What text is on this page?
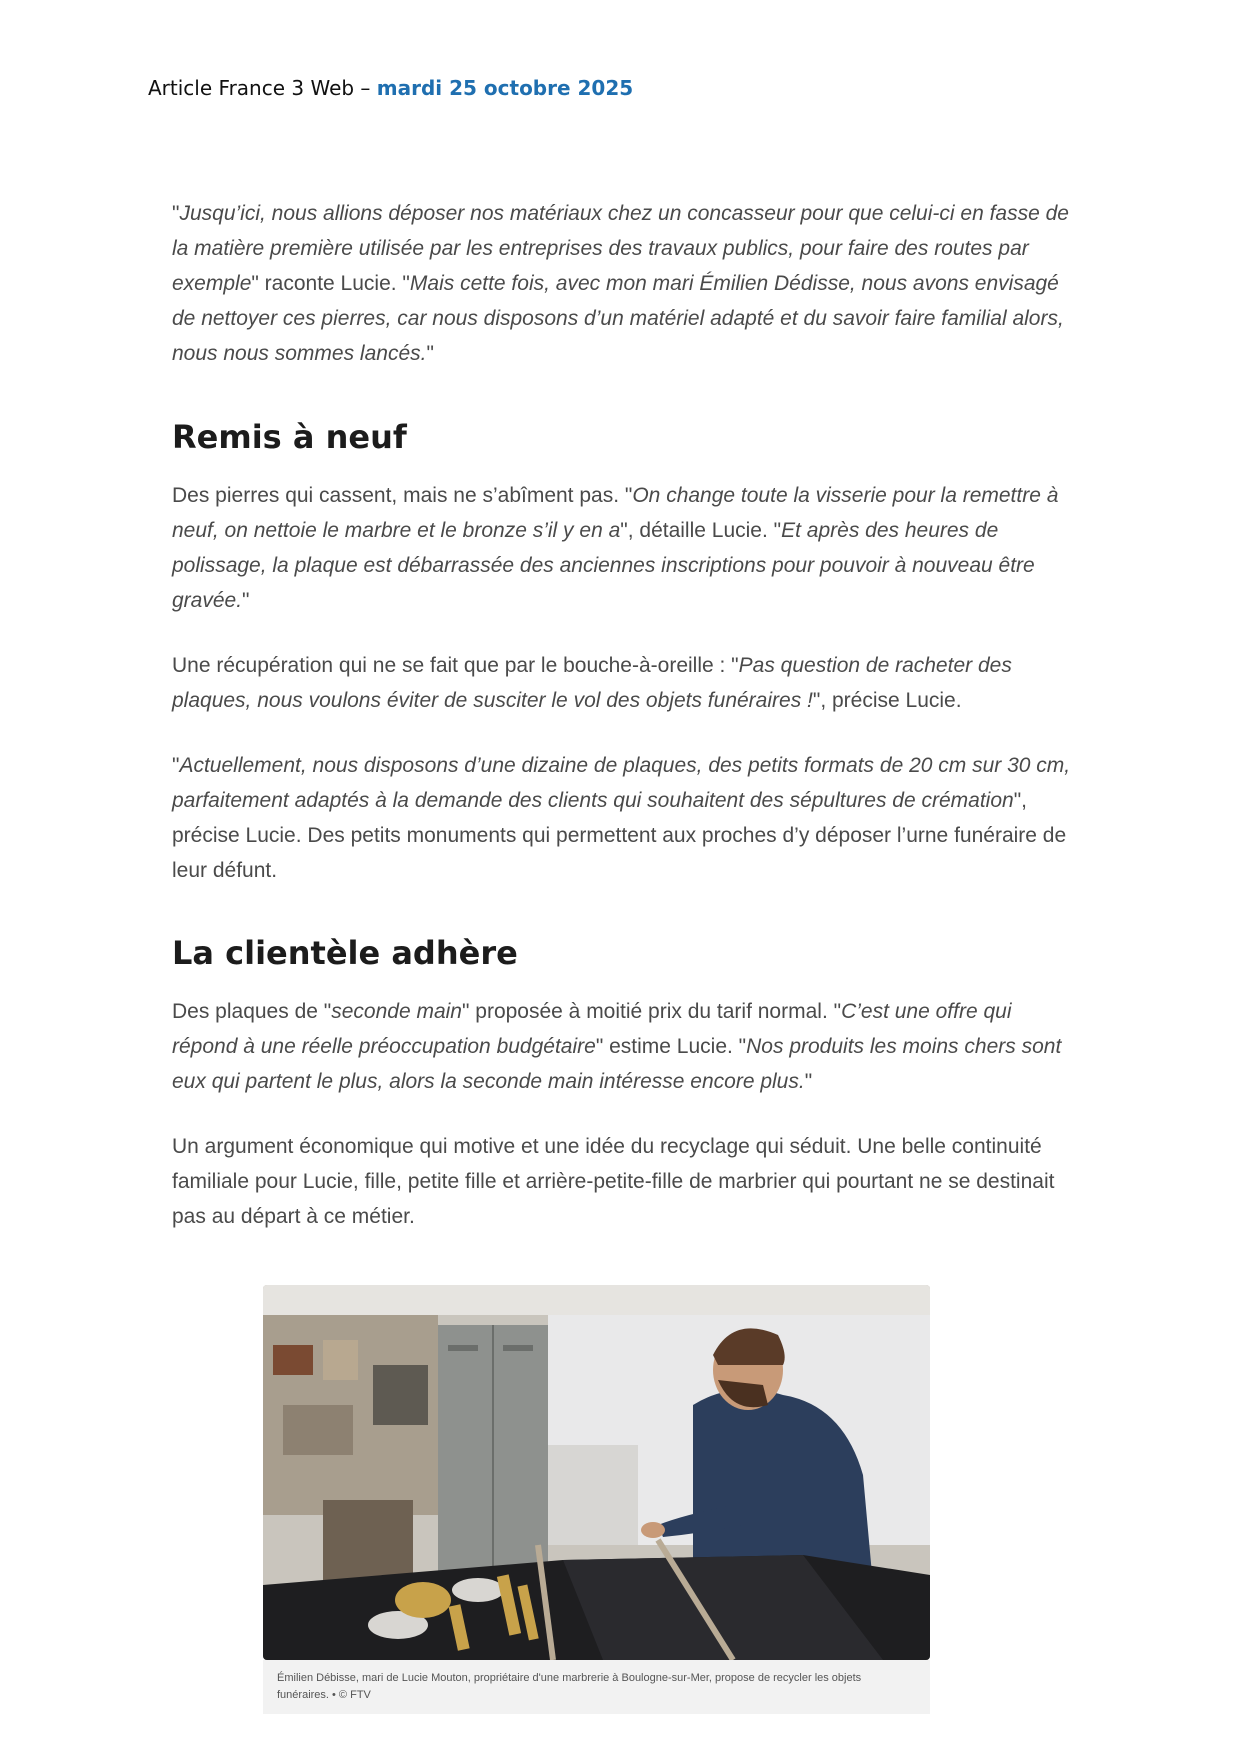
Article France 3 Web – mardi 25 octobre 2025

"Jusqu’ici, nous allions déposer nos matériaux chez un concasseur pour que celui-ci en fasse de la matière première utilisée par les entreprises des travaux publics, pour faire des routes par exemple" raconte Lucie. "Mais cette fois, avec mon mari Émilien Dédisse, nous avons envisagé de nettoyer ces pierres, car nous disposons d’un matériel adapté et du savoir faire familial alors, nous nous sommes lancés."

Remis à neuf

Des pierres qui cassent, mais ne s’abîment pas. "On change toute la visserie pour la remettre à neuf, on nettoie le marbre et le bronze s’il y en a", détaille Lucie. "Et après des heures de polissage, la plaque est débarrassée des anciennes inscriptions pour pouvoir à nouveau être gravée."

Une récupération qui ne se fait que par le bouche-à-oreille : "Pas question de racheter des plaques, nous voulons éviter de susciter le vol des objets funéraires !", précise Lucie.

"Actuellement, nous disposons d’une dizaine de plaques, des petits formats de 20 cm sur 30 cm, parfaitement adaptés à la demande des clients qui souhaitent des sépultures de crémation", précise Lucie. Des petits monuments qui permettent aux proches d’y déposer l’urne funéraire de leur défunt.

La clientèle adhère

Des plaques de "seconde main" proposée à moitié prix du tarif normal. "C’est une offre qui répond à une réelle préoccupation budgétaire" estime Lucie. "Nos produits les moins chers sont eux qui partent le plus, alors la seconde main intéresse encore plus."

Un argument économique qui motive et une idée du recyclage qui séduit. Une belle continuité familiale pour Lucie, fille, petite fille et arrière-petite-fille de marbrier qui pourtant ne se destinait pas au départ à ce métier.

Émilien Débisse, mari de Lucie Mouton, propriétaire d'une marbrerie à Boulogne-sur-Mer, propose de recycler les objets funéraires. • © FTV
